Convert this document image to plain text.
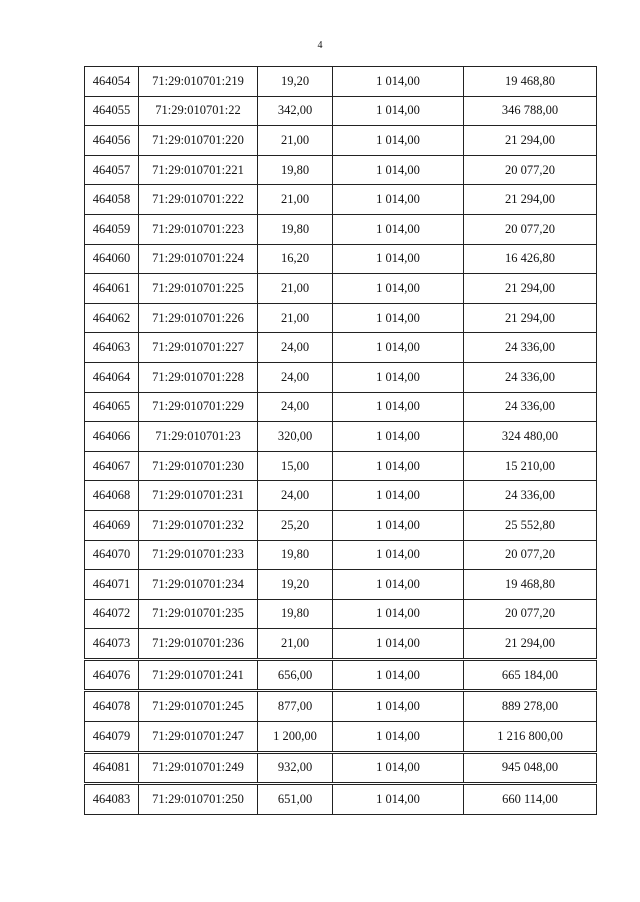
4
464054	71:29:010701:219	19,20	1 014,00	19 468,80
464055	71:29:010701:22	342,00	1 014,00	346 788,00
464056	71:29:010701:220	21,00	1 014,00	21 294,00
464057	71:29:010701:221	19,80	1 014,00	20 077,20
464058	71:29:010701:222	21,00	1 014,00	21 294,00
464059	71:29:010701:223	19,80	1 014,00	20 077,20
464060	71:29:010701:224	16,20	1 014,00	16 426,80
464061	71:29:010701:225	21,00	1 014,00	21 294,00
464062	71:29:010701:226	21,00	1 014,00	21 294,00
464063	71:29:010701:227	24,00	1 014,00	24 336,00
464064	71:29:010701:228	24,00	1 014,00	24 336,00
464065	71:29:010701:229	24,00	1 014,00	24 336,00
464066	71:29:010701:23	320,00	1 014,00	324 480,00
464067	71:29:010701:230	15,00	1 014,00	15 210,00
464068	71:29:010701:231	24,00	1 014,00	24 336,00
464069	71:29:010701:232	25,20	1 014,00	25 552,80
464070	71:29:010701:233	19,80	1 014,00	20 077,20
464071	71:29:010701:234	19,20	1 014,00	19 468,80
464072	71:29:010701:235	19,80	1 014,00	20 077,20
464073	71:29:010701:236	21,00	1 014,00	21 294,00
464076	71:29:010701:241	656,00	1 014,00	665 184,00
464078	71:29:010701:245	877,00	1 014,00	889 278,00
464079	71:29:010701:247	1 200,00	1 014,00	1 216 800,00
464081	71:29:010701:249	932,00	1 014,00	945 048,00
464083	71:29:010701:250	651,00	1 014,00	660 114,00
